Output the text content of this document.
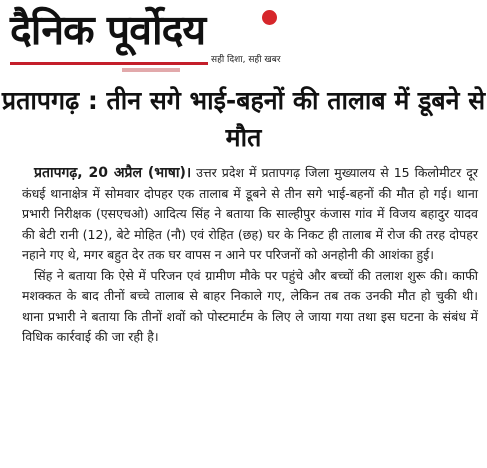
दैनिक पूर्वोदय
सही दिशा, सही खबर
प्रतापगढ़ : तीन सगे भाई-बहनों की तालाब में डूबने से मौत

प्रतापगढ़, 20 अप्रैल (भाषा)। उत्तर प्रदेश में प्रतापगढ़ जिला मुख्यालय से 15 किलोमीटर दूर कंधई थानाक्षेत्र में सोमवार दोपहर एक तालाब में डूबने से तीन सगे भाई-बहनों की मौत हो गई। थाना प्रभारी निरीक्षक (एसएचओ) आदित्य सिंह ने बताया कि साल्हीपुर कंजास गांव में विजय बहादुर यादव की बेटी रानी (12), बेटे मोहित (नौ) एवं रोहित (छह) घर के निकट ही तालाब में रोज की तरह दोपहर नहाने गए थे, मगर बहुत देर तक घर वापस न आने पर परिजनों को अनहोनी की आशंका हुई।

सिंह ने बताया कि ऐसे में परिजन एवं ग्रामीण मौके पर पहुंचे और बच्चों की तलाश शुरू की। काफी मशक्कत के बाद तीनों बच्चे तालाब से बाहर निकाले गए, लेकिन तब तक उनकी मौत हो चुकी थी। थाना प्रभारी ने बताया कि तीनों शवों को पोस्टमार्टम के लिए ले जाया गया तथा इस घटना के संबंध में विधिक कार्रवाई की जा रही है।
